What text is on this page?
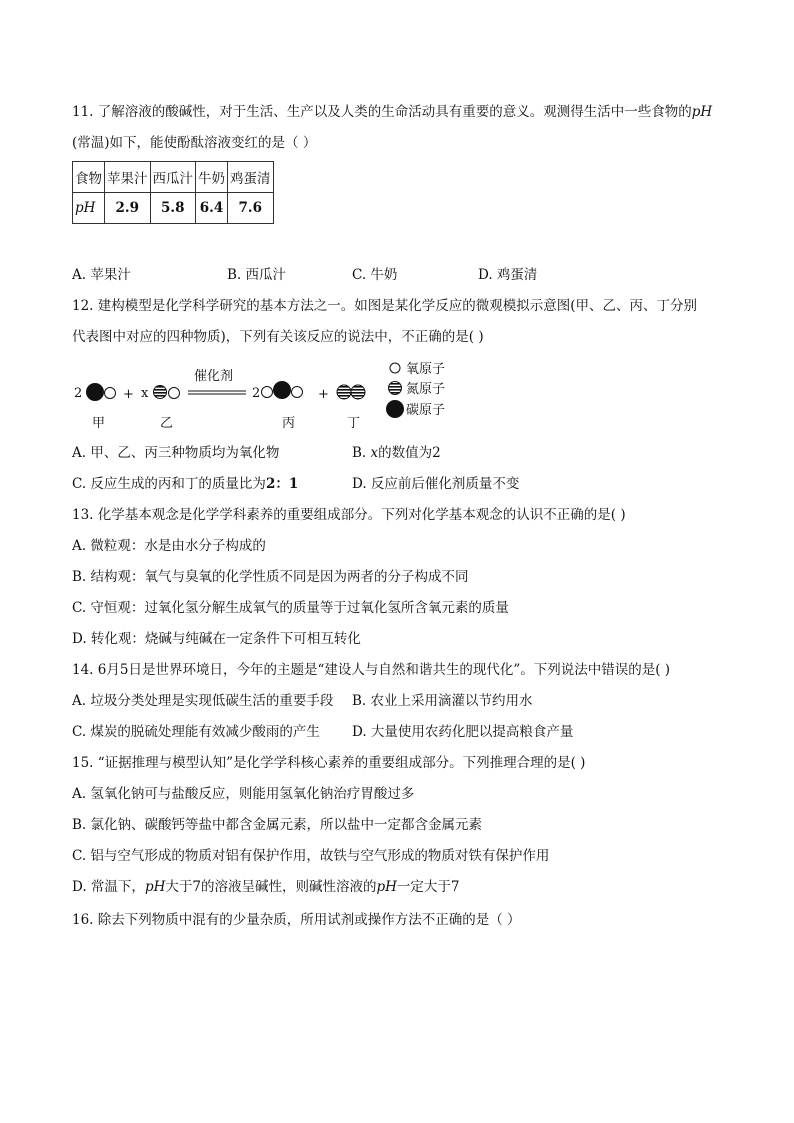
11. 了解溶液的酸碱性，对于生活、生产以及人类的生命活动具有重要的意义。观测得生活中一些食物的pH
(常温)如下，能使酚酞溶液变红的是（ ）
食物	苹果汁	西瓜汁	牛奶	鸡蛋清
pH	2.9	5.8	6.4	7.6
A. 苹果汁	B. 西瓜汁	C. 牛奶	D. 鸡蛋清
12. 建构模型是化学科学研究的基本方法之一。如图是某化学反应的微观模拟示意图(甲、乙、丙、丁分别
代表图中对应的四种物质)，下列有关该反应的说法中，不正确的是( )
2	+ x
催化剂
2	+
甲	乙	丙	丁
氧原子
氮原子
碳原子
A. 甲、乙、丙三种物质均为氧化物	B. x的数值为2
C. 反应生成的丙和丁的质量比为2：1	D. 反应前后催化剂质量不变
13. 化学基本观念是化学学科素养的重要组成部分。下列对化学基本观念的认识不正确的是( )
A. 微粒观：水是由水分子构成的
B. 结构观：氧气与臭氧的化学性质不同是因为两者的分子构成不同
C. 守恒观：过氧化氢分解生成氧气的质量等于过氧化氢所含氧元素的质量
D. 转化观：烧碱与纯碱在一定条件下可相互转化
14. 6月5日是世界环境日，今年的主题是“建设人与自然和谐共生的现代化”。下列说法中错误的是( )
A. 垃圾分类处理是实现低碳生活的重要手段 B. 农业上采用滴灌以节约用水
C. 煤炭的脱硫处理能有效减少酸雨的产生 D. 大量使用农药化肥以提高粮食产量
15. “证据推理与模型认知”是化学学科核心素养的重要组成部分。下列推理合理的是( )
A. 氢氧化钠可与盐酸反应，则能用氢氧化钠治疗胃酸过多
B. 氯化钠、碳酸钙等盐中都含金属元素，所以盐中一定都含金属元素
C. 铝与空气形成的物质对铝有保护作用，故铁与空气形成的物质对铁有保护作用
D. 常温下，pH大于7的溶液呈碱性，则碱性溶液的pH一定大于7
16. 除去下列物质中混有的少量杂质，所用试剂或操作方法不正确的是（ ）
